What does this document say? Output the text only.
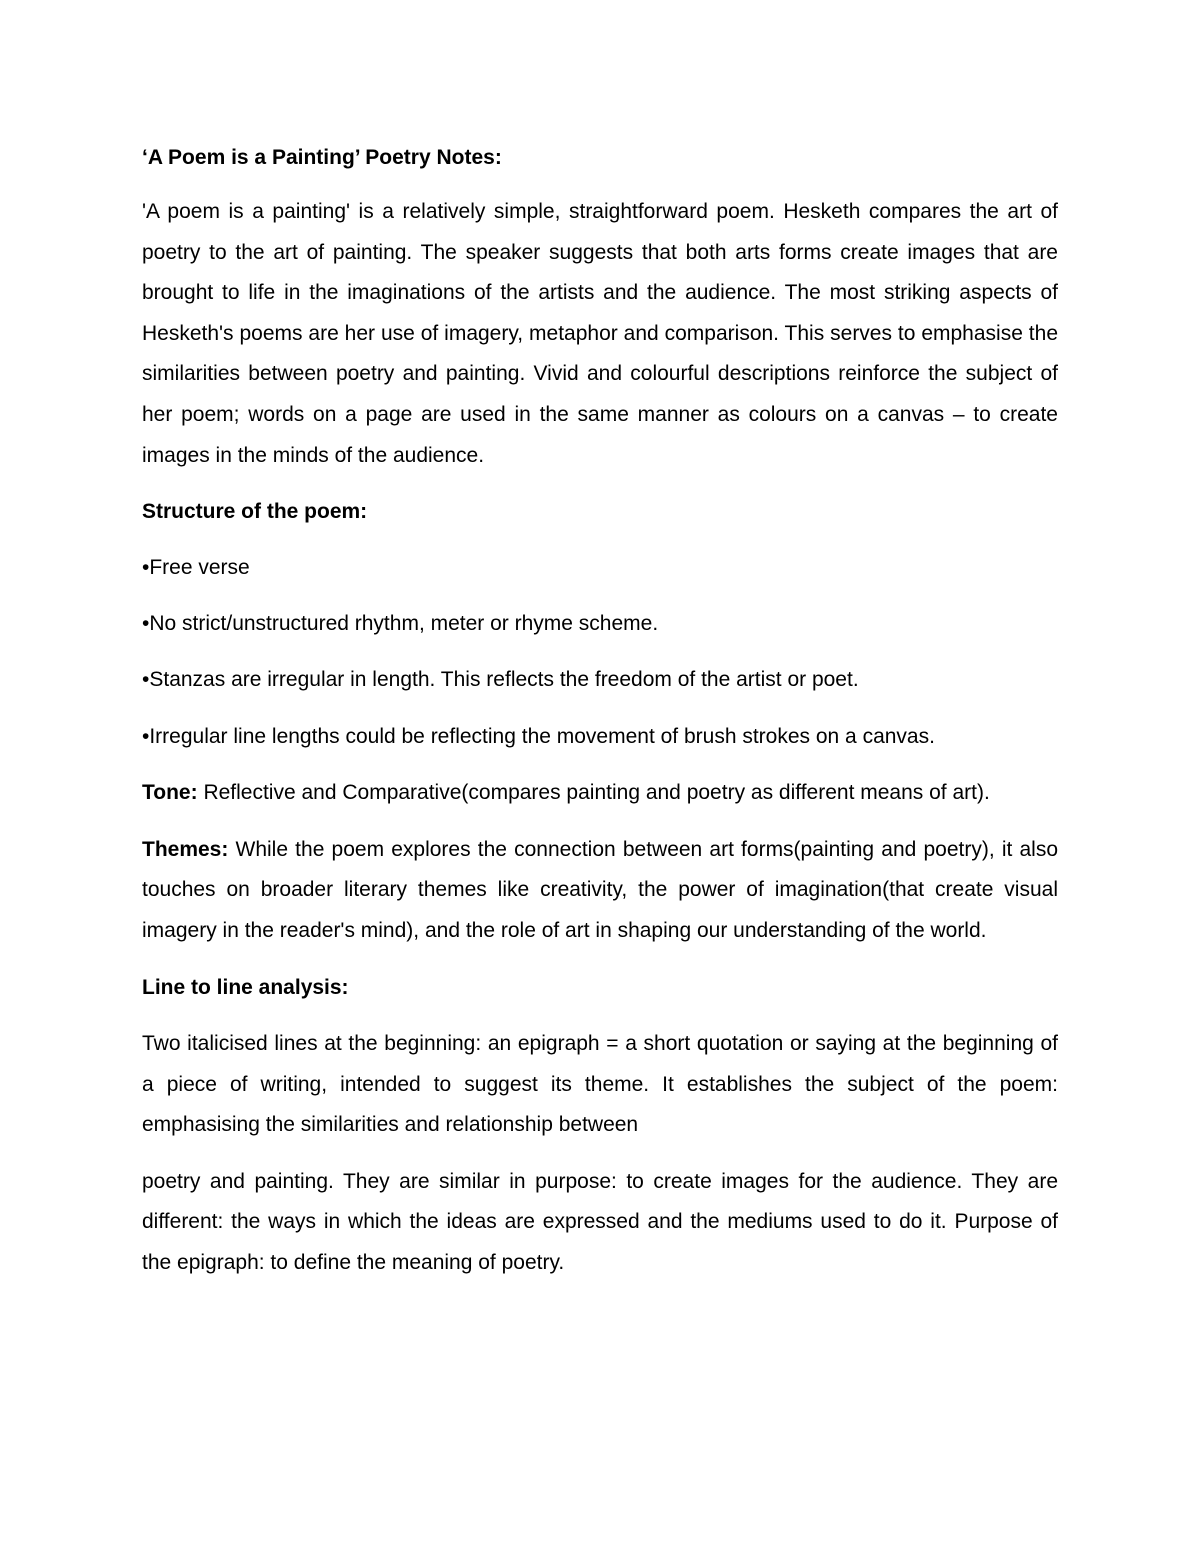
‘A Poem is a Painting’ Poetry Notes:

'A poem is a painting' is a relatively simple, straightforward poem. Hesketh compares the art of poetry to the art of painting. The speaker suggests that both arts forms create images that are brought to life in the imaginations of the artists and the audience. The most striking aspects of Hesketh's poems are her use of imagery, metaphor and comparison. This serves to emphasise the similarities between poetry and painting. Vivid and colourful descriptions reinforce the subject of her poem; words on a page are used in the same manner as colours on a canvas – to create images in the minds of the audience.

Structure of the poem:

•Free verse

•No strict/unstructured rhythm, meter or rhyme scheme.

•Stanzas are irregular in length. This reflects the freedom of the artist or poet.

•Irregular line lengths could be reflecting the movement of brush strokes on a canvas.

Tone: Reflective and Comparative(compares painting and poetry as different means of art).

Themes: While the poem explores the connection between art forms(painting and poetry), it also touches on broader literary themes like creativity, the power of imagination(that create visual imagery in the reader's mind), and the role of art in shaping our understanding of the world.

Line to line analysis:

Two italicised lines at the beginning: an epigraph = a short quotation or saying at the beginning of a piece of writing, intended to suggest its theme. It establishes the subject of the poem: emphasising the similarities and relationship between

poetry and painting. They are similar in purpose: to create images for the audience. They are different: the ways in which the ideas are expressed and the mediums used to do it. Purpose of the epigraph: to define the meaning of poetry.
